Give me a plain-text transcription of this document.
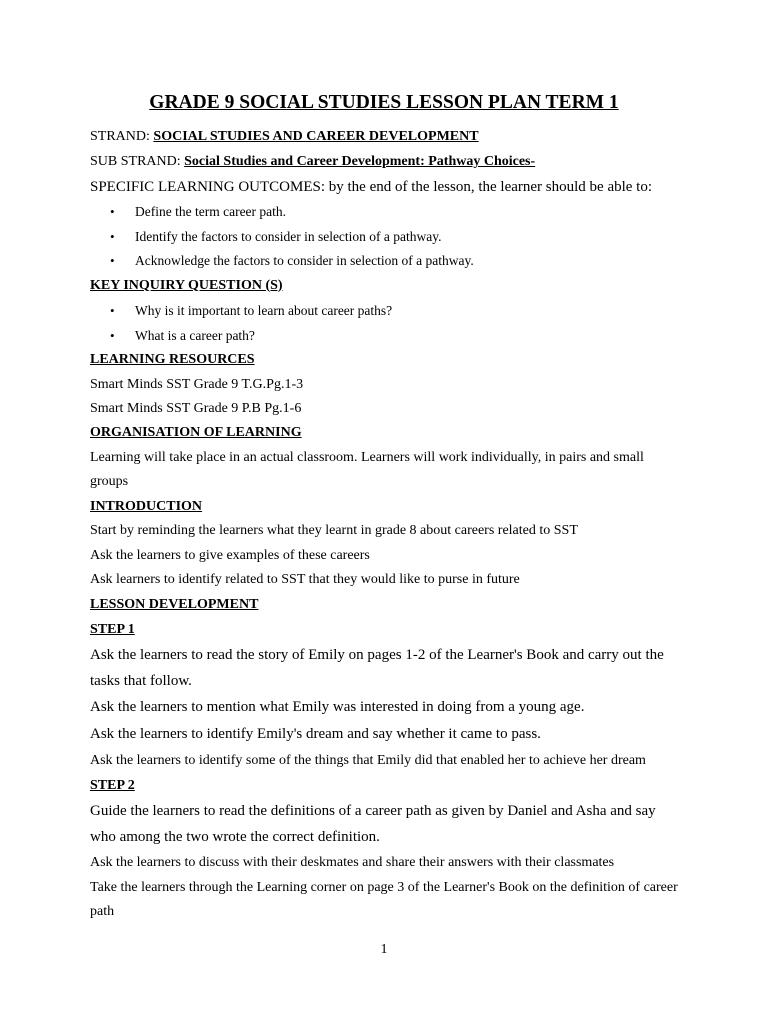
GRADE 9 SOCIAL STUDIES LESSON PLAN TERM 1
STRAND: SOCIAL STUDIES AND CAREER DEVELOPMENT
SUB STRAND: Social Studies and Career Development: Pathway Choices-
SPECIFIC LEARNING OUTCOMES: by the end of the lesson, the learner should be able to:
• Define the term career path.
• Identify the factors to consider in selection of a pathway.
• Acknowledge the factors to consider in selection of a pathway.
KEY INQUIRY QUESTION (S)
• Why is it important to learn about career paths?
• What is a career path?
LEARNING RESOURCES
Smart Minds SST Grade 9 T.G.Pg.1-3
Smart Minds SST Grade 9 P.B Pg.1-6
ORGANISATION OF LEARNING
Learning will take place in an actual classroom. Learners will work individually, in pairs and small
groups
INTRODUCTION
Start by reminding the learners what they learnt in grade 8 about careers related to SST
Ask the learners to give examples of these careers
Ask learners to identify related to SST that they would like to purse in future
LESSON DEVELOPMENT
STEP 1
Ask the learners to read the story of Emily on pages 1-2 of the Learner's Book and carry out the
tasks that follow.
Ask the learners to mention what Emily was interested in doing from a young age.
Ask the learners to identify Emily's dream and say whether it came to pass.
Ask the learners to identify some of the things that Emily did that enabled her to achieve her dream
STEP 2
Guide the learners to read the definitions of a career path as given by Daniel and Asha and say
who among the two wrote the correct definition.
Ask the learners to discuss with their deskmates and share their answers with their classmates
Take the learners through the Learning corner on page 3 of the Learner's Book on the definition of career
path
1
